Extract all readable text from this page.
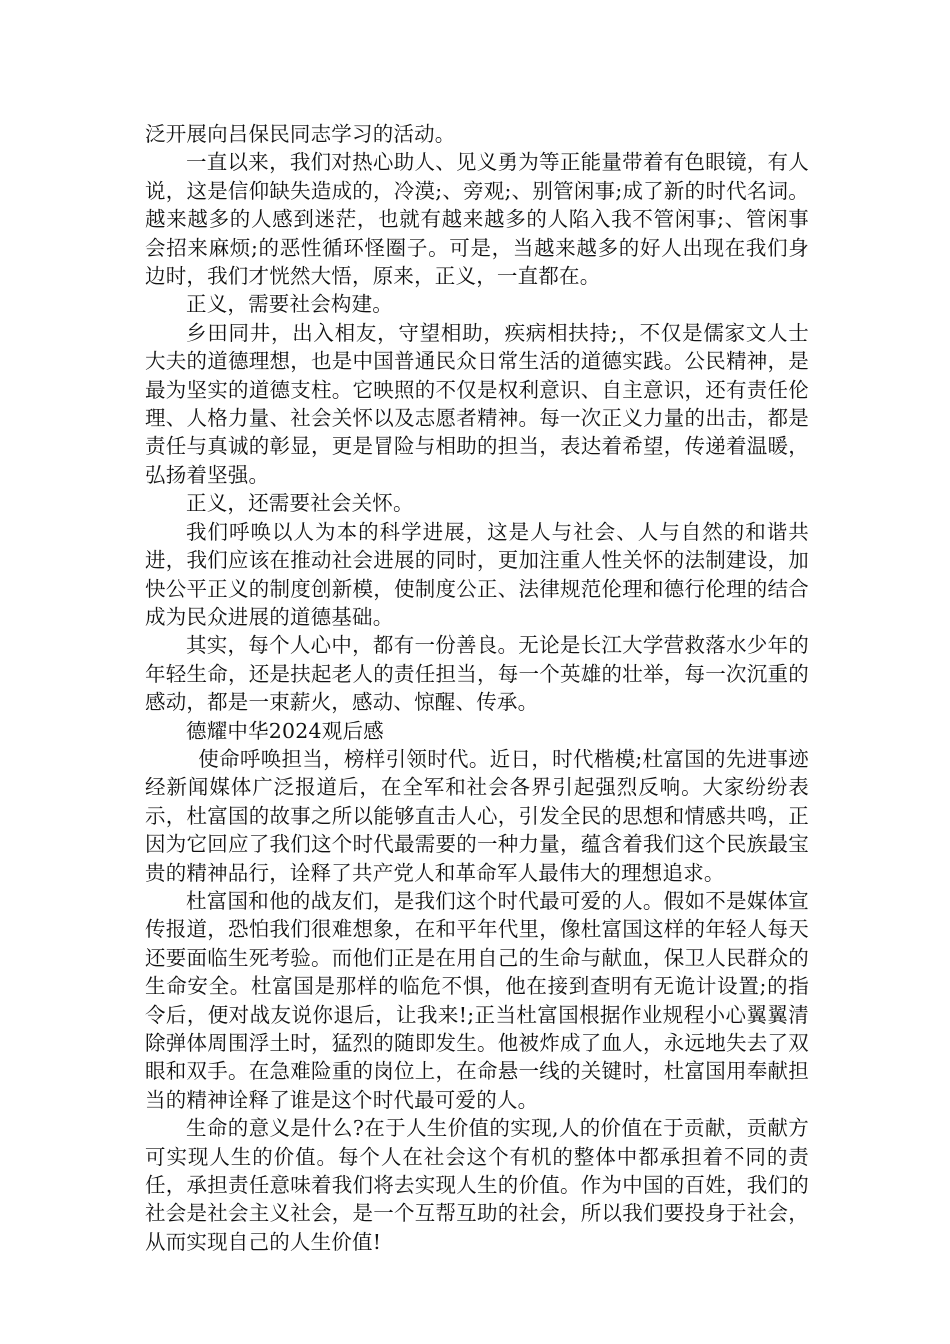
泛开展向吕保民同志学习的活动。

一直以来，我们对热心助人、见义勇为等正能量带着有色眼镜，有人说，这是信仰缺失造成的，冷漠;、旁观;、别管闲事;成了新的时代名词。越来越多的人感到迷茫，也就有越来越多的人陷入我不管闲事;、管闲事会招来麻烦;的恶性循环怪圈子。可是，当越来越多的好人出现在我们身边时，我们才恍然大悟，原来，正义，一直都在。

正义，需要社会构建。

乡田同井，出入相友，守望相助，疾病相扶持;，不仅是儒家文人士大夫的道德理想，也是中国普通民众日常生活的道德实践。公民精神，是最为坚实的道德支柱。它映照的不仅是权利意识、自主意识，还有责任伦理、人格力量、社会关怀以及志愿者精神。每一次正义力量的出击，都是责任与真诚的彰显，更是冒险与相助的担当，表达着希望，传递着温暖，弘扬着坚强。

正义，还需要社会关怀。

我们呼唤以人为本的科学进展，这是人与社会、人与自然的和谐共进，我们应该在推动社会进展的同时，更加注重人性关怀的法制建设，加快公平正义的制度创新模，使制度公正、法律规范伦理和德行伦理的结合成为民众进展的道德基础。

其实，每个人心中，都有一份善良。无论是长江大学营救落水少年的年轻生命，还是扶起老人的责任担当，每一个英雄的壮举，每一次沉重的感动，都是一束薪火，感动、惊醒、传承。

德耀中华2024观后感

使命呼唤担当，榜样引领时代。近日，时代楷模;杜富国的先进事迹经新闻媒体广泛报道后，在全军和社会各界引起强烈反响。大家纷纷表示，杜富国的故事之所以能够直击人心，引发全民的思想和情感共鸣，正因为它回应了我们这个时代最需要的一种力量，蕴含着我们这个民族最宝贵的精神品行，诠释了共产党人和革命军人最伟大的理想追求。

杜富国和他的战友们，是我们这个时代最可爱的人。假如不是媒体宣传报道，恐怕我们很难想象，在和平年代里，像杜富国这样的年轻人每天还要面临生死考验。而他们正是在用自己的生命与献血，保卫人民群众的生命安全。杜富国是那样的临危不惧，他在接到查明有无诡计设置;的指令后，便对战友说你退后，让我来!;正当杜富国根据作业规程小心翼翼清除弹体周围浮土时，猛烈的随即发生。他被炸成了血人，永远地失去了双眼和双手。在急难险重的岗位上，在命悬一线的关键时，杜富国用奉献担当的精神诠释了谁是这个时代最可爱的人。

生命的意义是什么?在于人生价值的实现,人的价值在于贡献，贡献方可实现人生的价值。每个人在社会这个有机的整体中都承担着不同的责任，承担责任意味着我们将去实现人生的价值。作为中国的百姓，我们的社会是社会主义社会，是一个互帮互助的社会，所以我们要投身于社会，从而实现自己的人生价值!
